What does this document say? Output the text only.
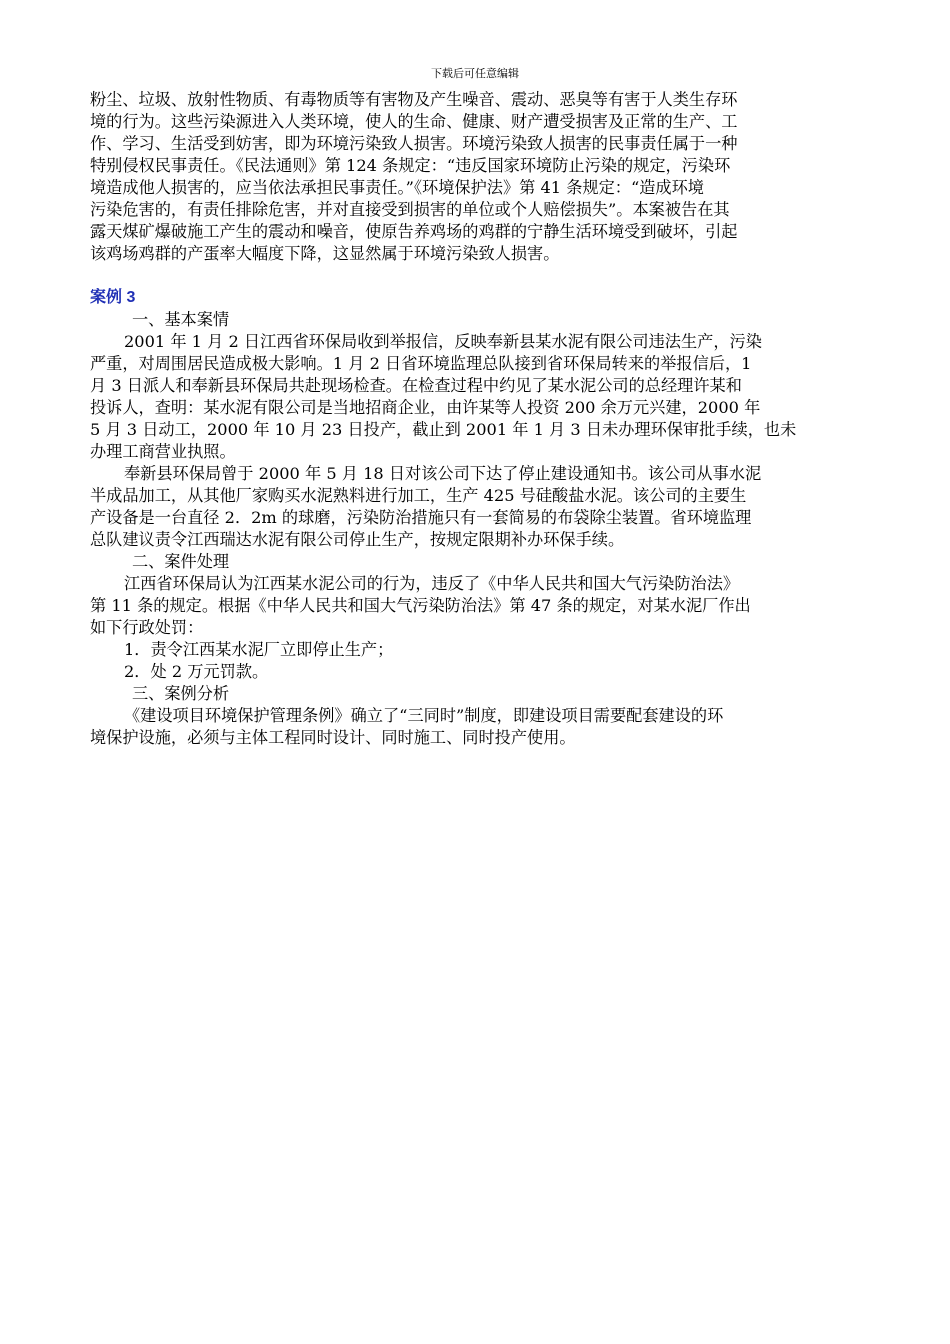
下载后可任意编辑
粉尘、垃圾、放射性物质、有毒物质等有害物及产生噪音、震动、恶臭等有害于人类生存环
境的行为。这些污染源进入人类环境，使人的生命、健康、财产遭受损害及正常的生产、工
作、学习、生活受到妨害，即为环境污染致人损害。环境污染致人损害的民事责任属于一种
特别侵权民事责任。《民法通则》第 124 条规定：“违反国家环境防止污染的规定，污染环
境造成他人损害的，应当依法承担民事责任。”《环境保护法》第 41 条规定：“造成环境
污染危害的，有责任排除危害，并对直接受到损害的单位或个人赔偿损失”。本案被告在其
露天煤矿爆破施工产生的震动和噪音，使原告养鸡场的鸡群的宁静生活环境受到破坏，引起
该鸡场鸡群的产蛋率大幅度下降，这显然属于环境污染致人损害。
案例 3
一、基本案情
2001 年 1 月 2 日江西省环保局收到举报信，反映奉新县某水泥有限公司违法生产，污染
严重，对周围居民造成极大影响。1 月 2 日省环境监理总队接到省环保局转来的举报信后，1
月 3 日派人和奉新县环保局共赴现场检查。在检查过程中约见了某水泥公司的总经理许某和
投诉人，查明：某水泥有限公司是当地招商企业，由许某等人投资 200 余万元兴建，2000 年
5 月 3 日动工，2000 年 10 月 23 日投产，截止到 2001 年 1 月 3 日未办理环保审批手续，也未
办理工商营业执照。
奉新县环保局曾于 2000 年 5 月 18 日对该公司下达了停止建设通知书。该公司从事水泥
半成品加工，从其他厂家购买水泥熟料进行加工，生产 425 号硅酸盐水泥。该公司的主要生
产设备是一台直径 2．2m 的球磨，污染防治措施只有一套简易的布袋除尘装置。省环境监理
总队建议责令江西瑞达水泥有限公司停止生产，按规定限期补办环保手续。
二、案件处理
江西省环保局认为江西某水泥公司的行为，违反了《中华人民共和国大气污染防治法》
第 11 条的规定。根据《中华人民共和国大气污染防治法》第 47 条的规定，对某水泥厂作出
如下行政处罚：
1．责令江西某水泥厂立即停止生产；
2．处 2 万元罚款。
三、案例分析
《建设项目环境保护管理条例》确立了“三同时”制度，即建设项目需要配套建设的环
境保护设施，必须与主体工程同时设计、同时施工、同时投产使用。
